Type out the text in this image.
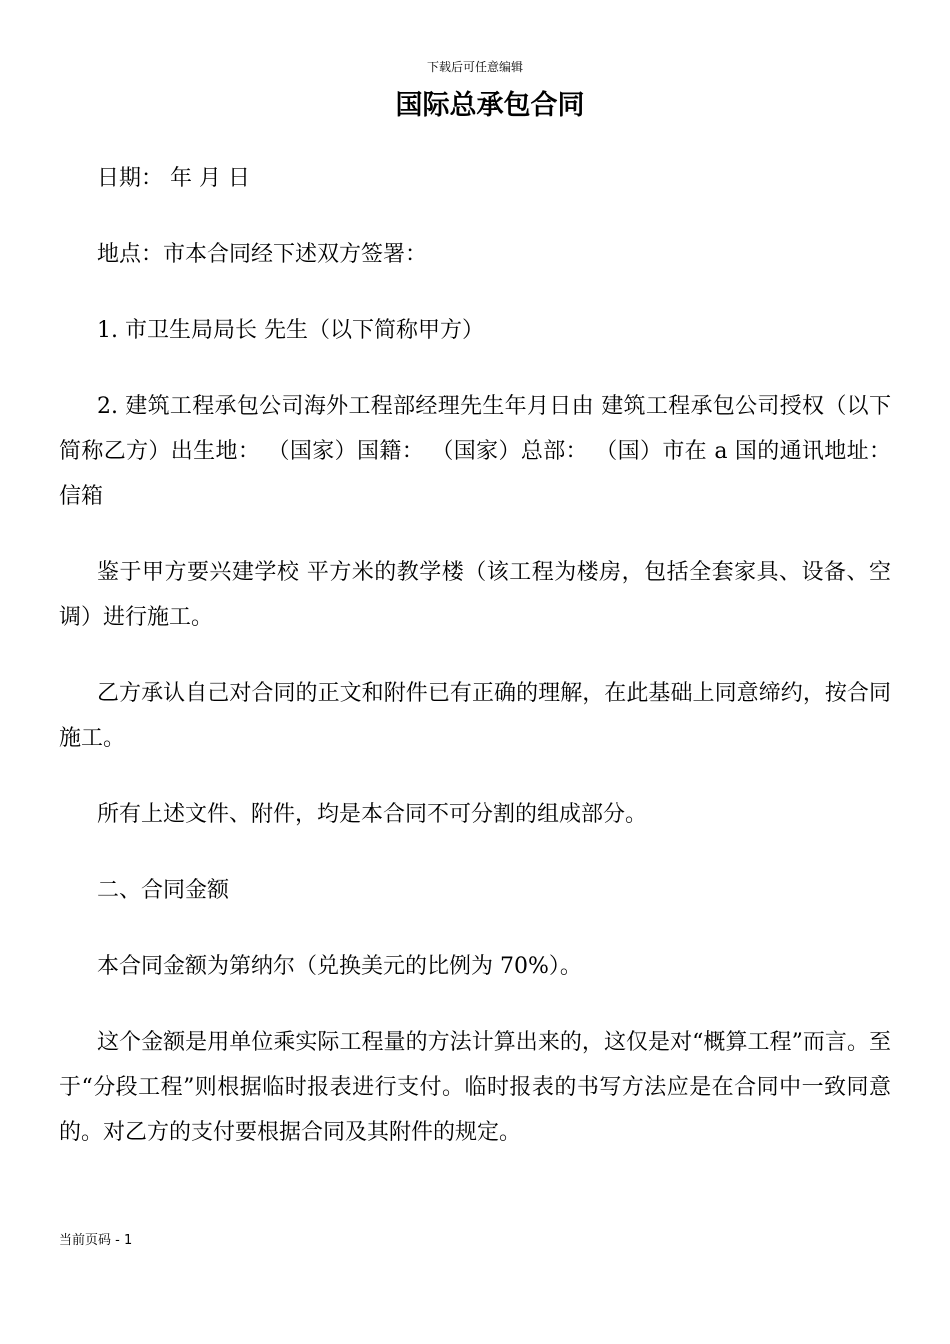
下载后可任意编辑
国际总承包合同

日期： 年 月 日

地点：市本合同经下述双方签署：

1. 市卫生局局长 先生（以下简称甲方）

2. 建筑工程承包公司海外工程部经理先生年月日由 建筑工程承包公司授权（以下简称乙方）出生地： （国家）国籍： （国家）总部： （国）市在 a 国的通讯地址：信箱

鉴于甲方要兴建学校 平方米的教学楼（该工程为楼房，包括全套家具、设备、空调）进行施工。

乙方承认自己对合同的正文和附件已有正确的理解，在此基础上同意缔约，按合同施工。

所有上述文件、附件，均是本合同不可分割的组成部分。

二、合同金额

本合同金额为第纳尔（兑换美元的比例为 70%）。

这个金额是用单位乘实际工程量的方法计算出来的，这仅是对“概算工程”而言。至于“分段工程”则根据临时报表进行支付。临时报表的书写方法应是在合同中一致同意的。对乙方的支付要根据合同及其附件的规定。

当前页码 - 1
